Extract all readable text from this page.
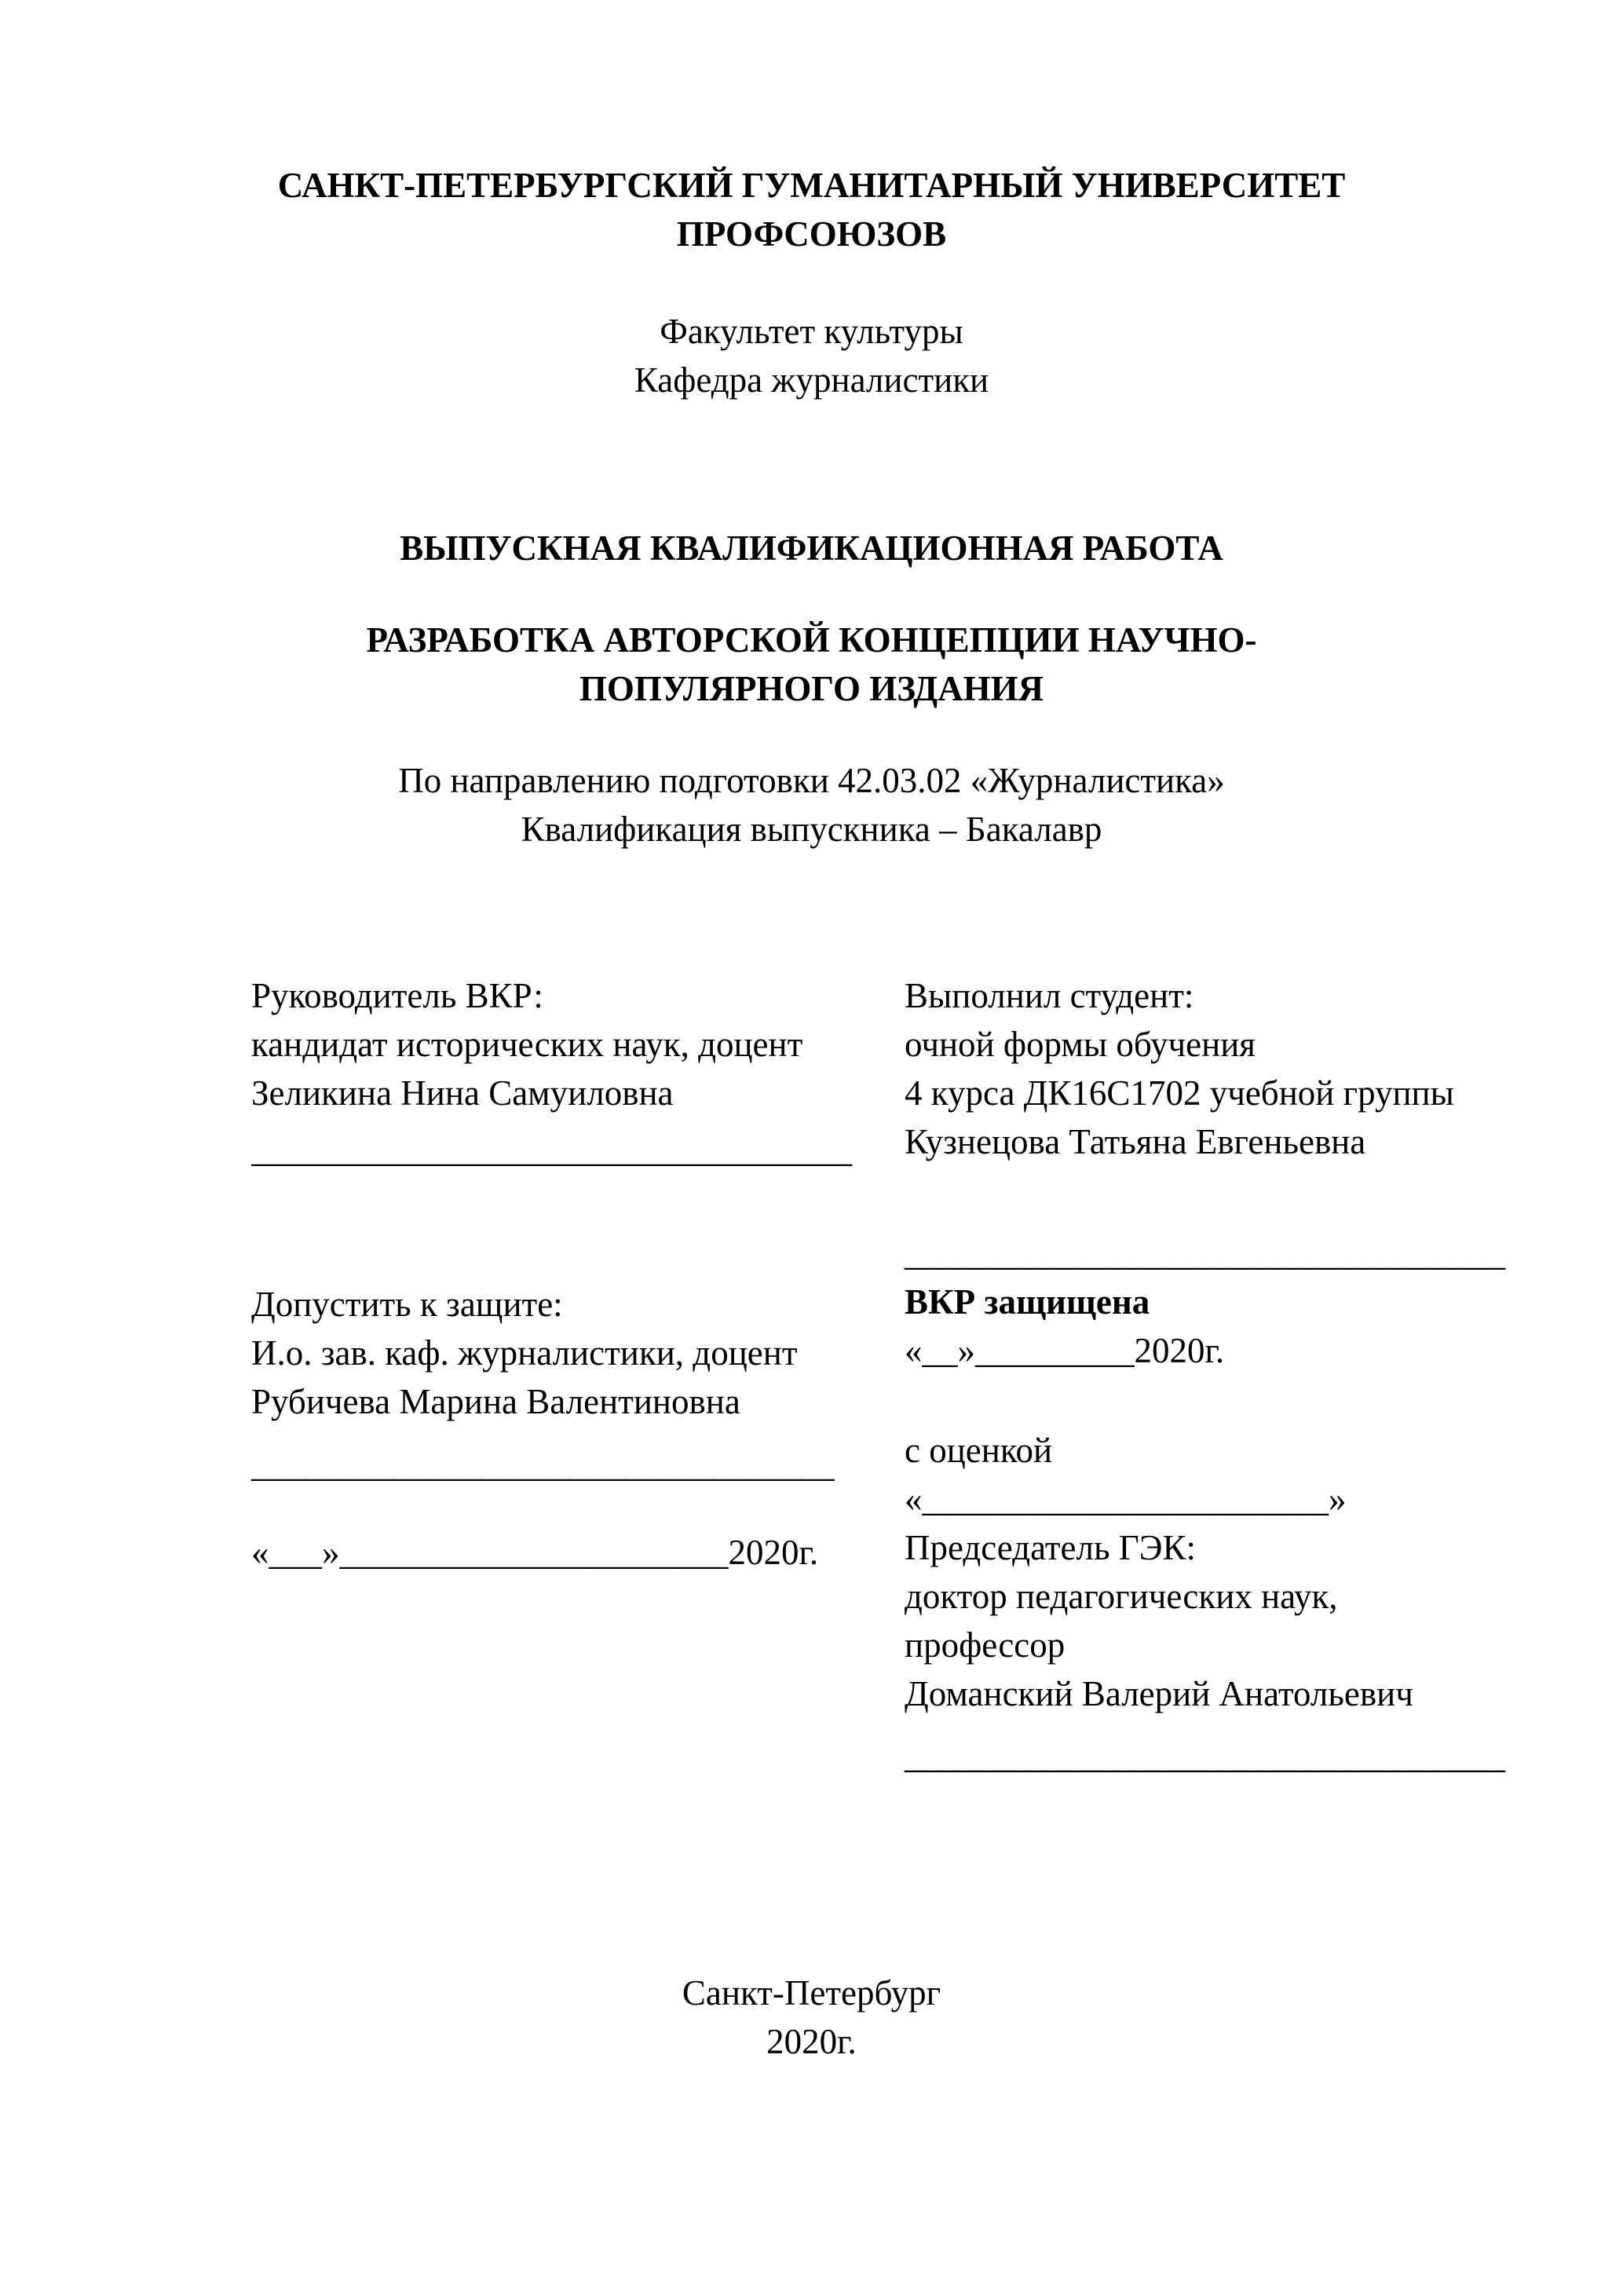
САНКТ-ПЕТЕРБУРГСКИЙ ГУМАНИТАРНЫЙ УНИВЕРСИТЕТ

ПРОФСОЮЗОВ

Факультет культуры

Кафедра журналистики

ВЫПУСКНАЯ КВАЛИФИКАЦИОННАЯ РАБОТА

РАЗРАБОТКА АВТОРСКОЙ КОНЦЕПЦИИ НАУЧНО-

ПОПУЛЯРНОГО ИЗДАНИЯ

По направлению подготовки 42.03.02 «Журналистика»

Квалификация выпускника – Бакалавр

Руководитель ВКР:

кандидат исторических наук, доцент

Зеликина Нина Самуиловна

__________________________________

Допустить к защите:

И.о. зав. каф. журналистики, доцент

Рубичева Марина Валентиновна

_________________________________

«___»______________________2020г.

Выполнил студент:

очной формы обучения

4 курса ДК16С1702 учебной группы

Кузнецова Татьяна Евгеньевна

__________________________________

ВКР защищена

«__»_________2020г.

с оценкой

«_______________________»

Председатель ГЭК:

доктор педагогических наук,

профессор

Доманский Валерий Анатольевич

__________________________________

Санкт-Петербург

2020г.
